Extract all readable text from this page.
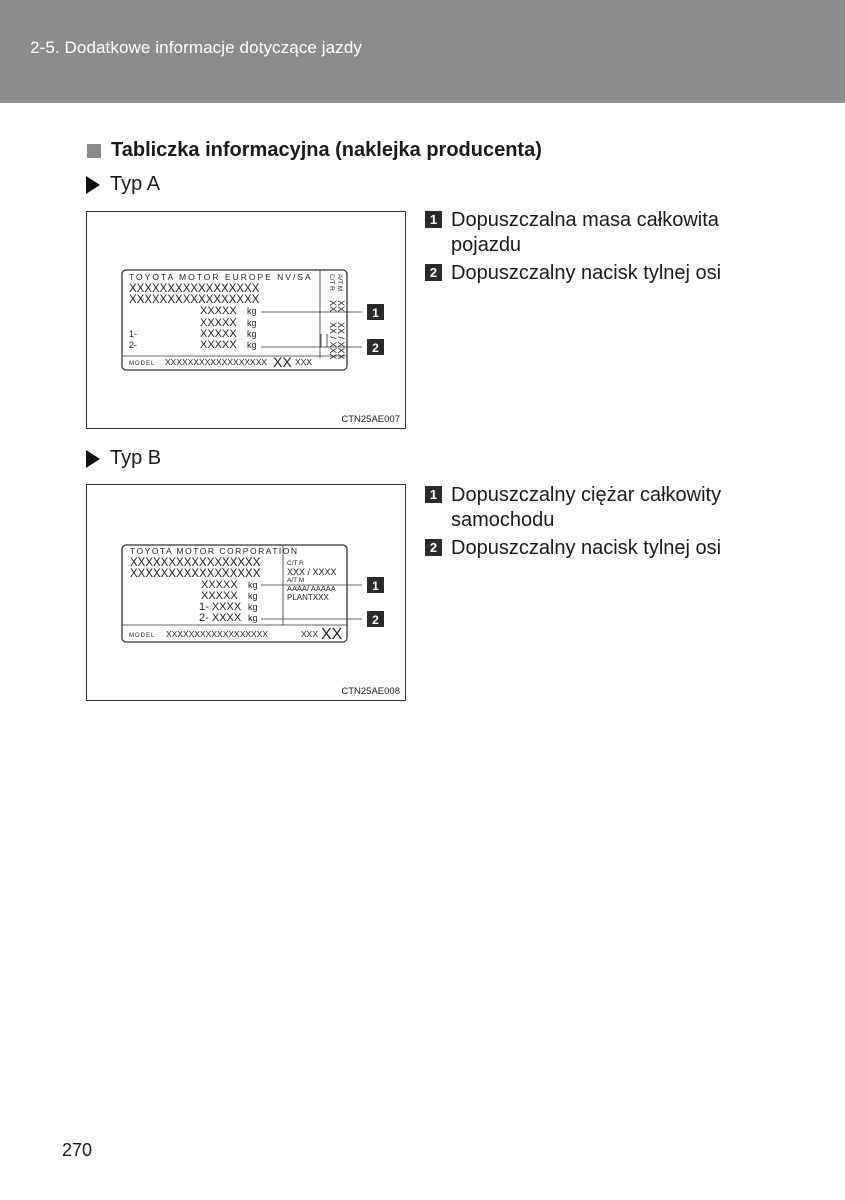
2-5. Dodatkowe informacje dotyczące jazdy
Tabliczka informacyjna (naklejka producenta)
Typ A
TOYOTA MOTOR EUROPE NV/SA
XXXXXXXXXXXXXXXXX
XXXXXXXXXXXXXXXXX
XXXXX kg
XXXXX kg
1-	XXXXX kg
2-	XXXXX kg
C/T R A/T M
XX
XX
XX / XXX
XX / XXX
MODEL XXXXXXXXXXXXXXXXXX XX XXX
1
2
CTN25AE007
1 Dopuszczalna masa całkowita pojazdu
2 Dopuszczalny nacisk tylnej osi
Typ B
TOYOTA MOTOR CORPORATION
XXXXXXXXXXXXXXXXX
XXXXXXXXXXXXXXXXX
XXXXX kg
XXXXX kg
1- XXXX kg
2- XXXX kg
C/T R
XXX / XXXX
A/T M
AAAA/ AAAAA
PLANTXXX
MODEL XXXXXXXXXXXXXXXXXX	XXX XX
1
2
CTN25AE008
1 Dopuszczalny ciężar całkowity samochodu
2 Dopuszczalny nacisk tylnej osi
270
